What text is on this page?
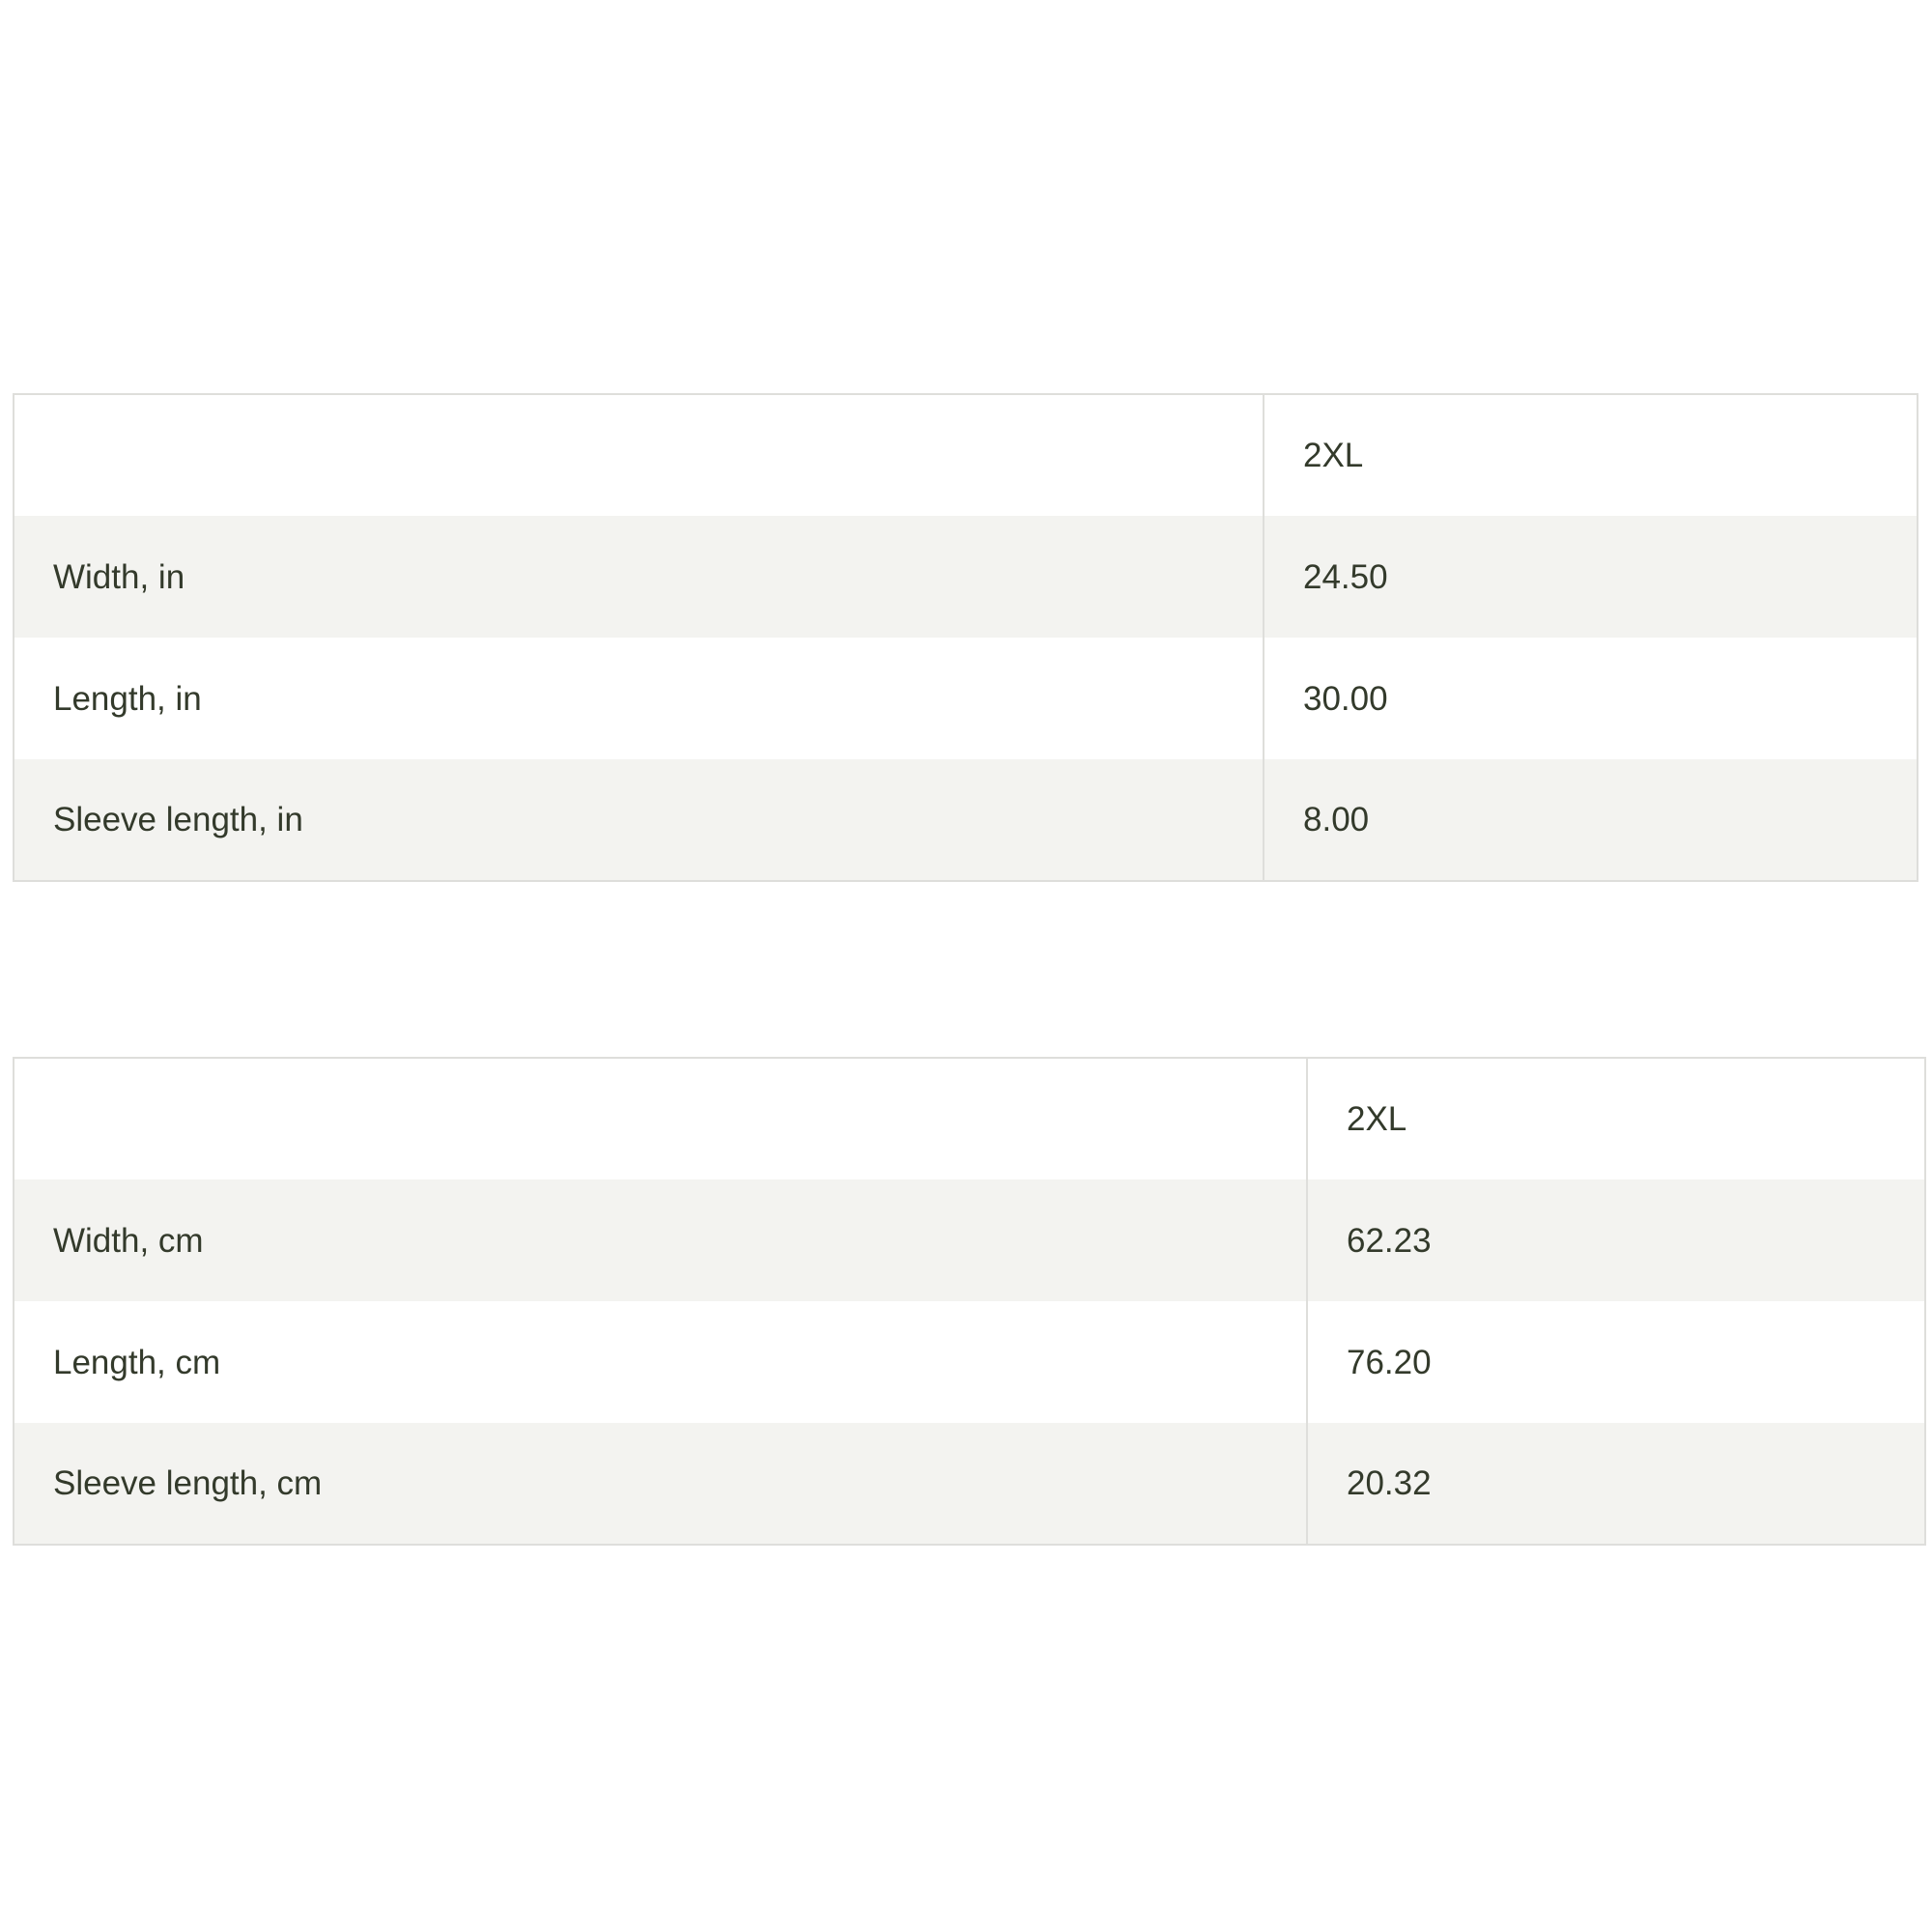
	2XL
Width, in	24.50
Length, in	30.00
Sleeve length, in	8.00
	2XL
Width, cm	62.23
Length, cm	76.20
Sleeve length, cm	20.32
